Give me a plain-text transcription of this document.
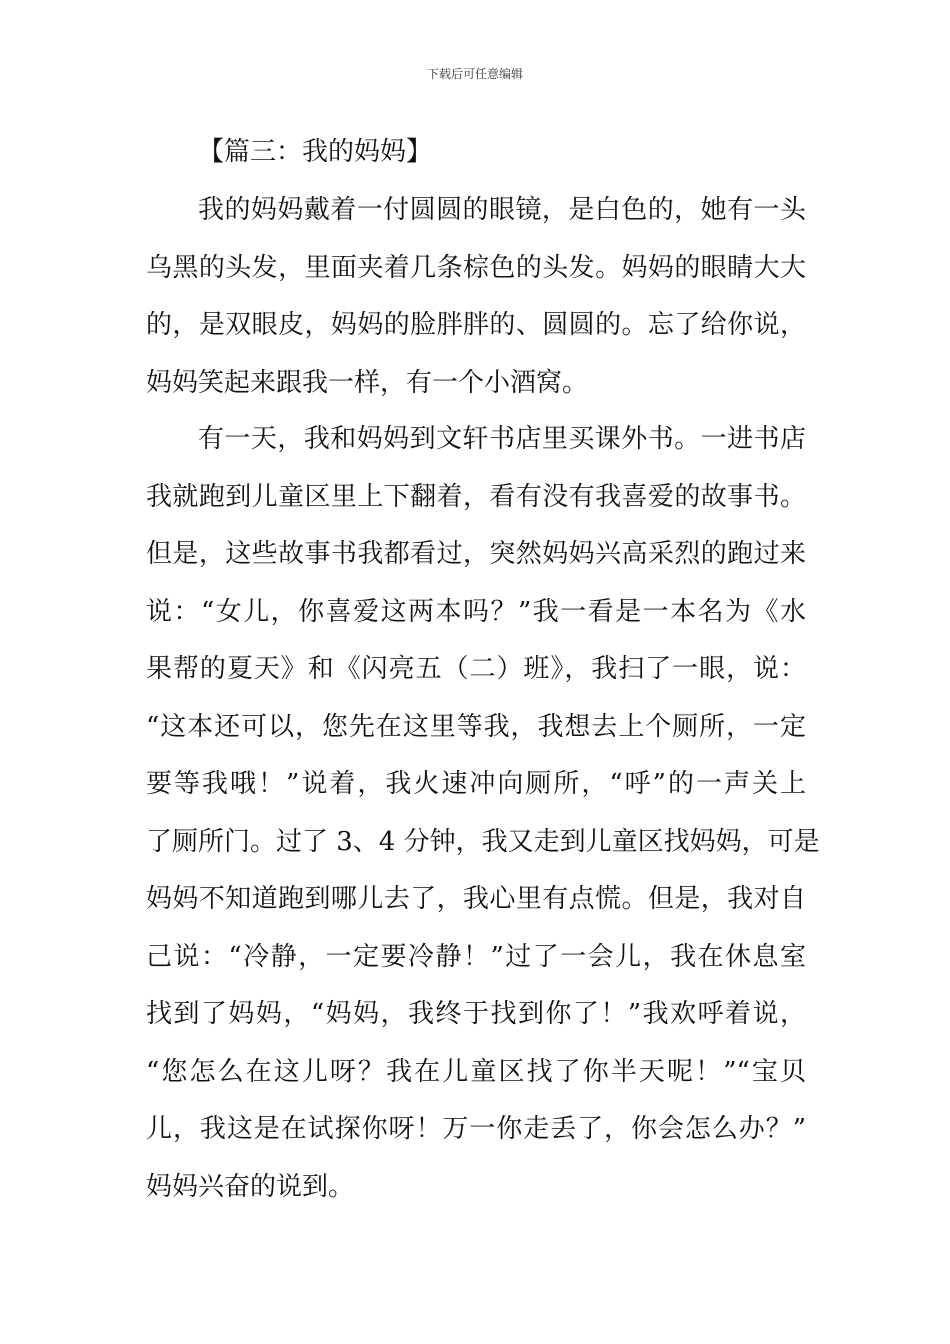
下载后可任意编辑
【篇三：我的妈妈】
我的妈妈戴着一付圆圆的眼镜，是白色的，她有一头
乌黑的头发，里面夹着几条棕色的头发。妈妈的眼睛大大
的，是双眼皮，妈妈的脸胖胖的、圆圆的。忘了给你说，
妈妈笑起来跟我一样，有一个小酒窝。
有一天，我和妈妈到文轩书店里买课外书。一进书店
我就跑到儿童区里上下翻着，看有没有我喜爱的故事书。
但是，这些故事书我都看过，突然妈妈兴高采烈的跑过来
说：“女儿，你喜爱这两本吗？”我一看是一本名为《水
果帮的夏天》和《闪亮五（二）班》，我扫了一眼，说：
“这本还可以，您先在这里等我，我想去上个厕所，一定
要等我哦！”说着，我火速冲向厕所，“呼”的一声关上
了厕所门。过了 3、4 分钟，我又走到儿童区找妈妈，可是
妈妈不知道跑到哪儿去了，我心里有点慌。但是，我对自
己说：“冷静，一定要冷静！”过了一会儿，我在休息室
找到了妈妈，“妈妈，我终于找到你了！”我欢呼着说，
“您怎么在这儿呀？我在儿童区找了你半天呢！”“宝贝
儿，我这是在试探你呀！万一你走丢了，你会怎么办？”
妈妈兴奋的说到。
